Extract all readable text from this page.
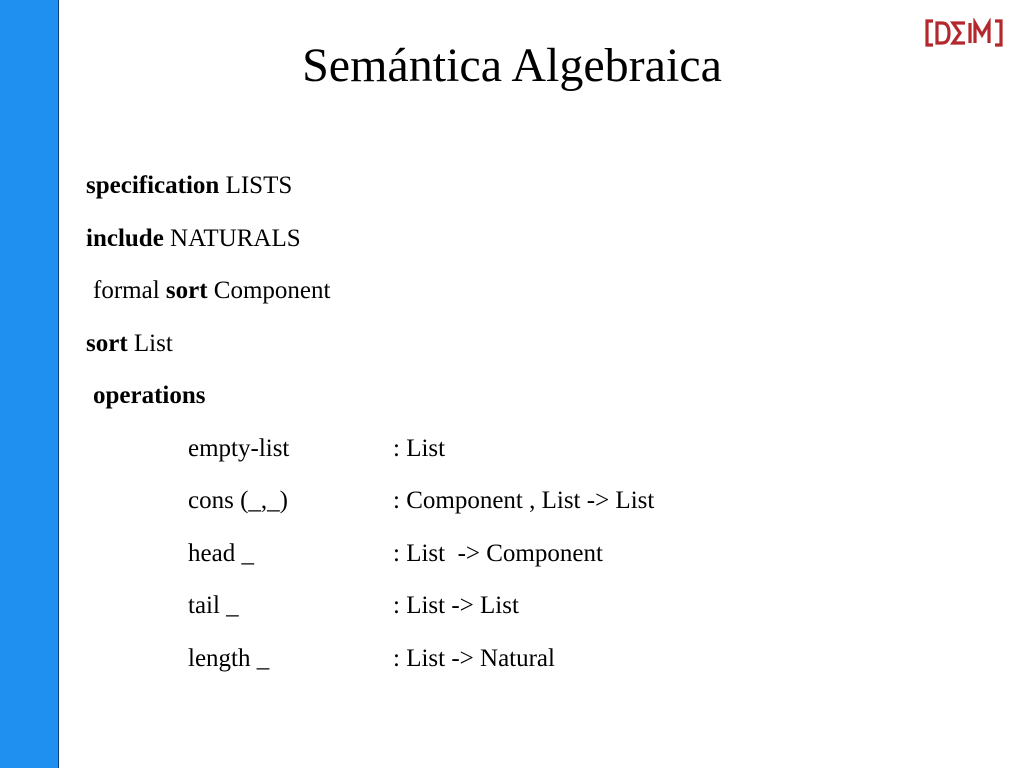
Semántica Algebraica
specification LISTS
include NATURALS
formal sort Component
sort List
operations
empty-list	: List
cons (_,_)	: Component , List -> List
head _	: List  -> Component
tail _	: List -> List
length _	: List -> Natural
